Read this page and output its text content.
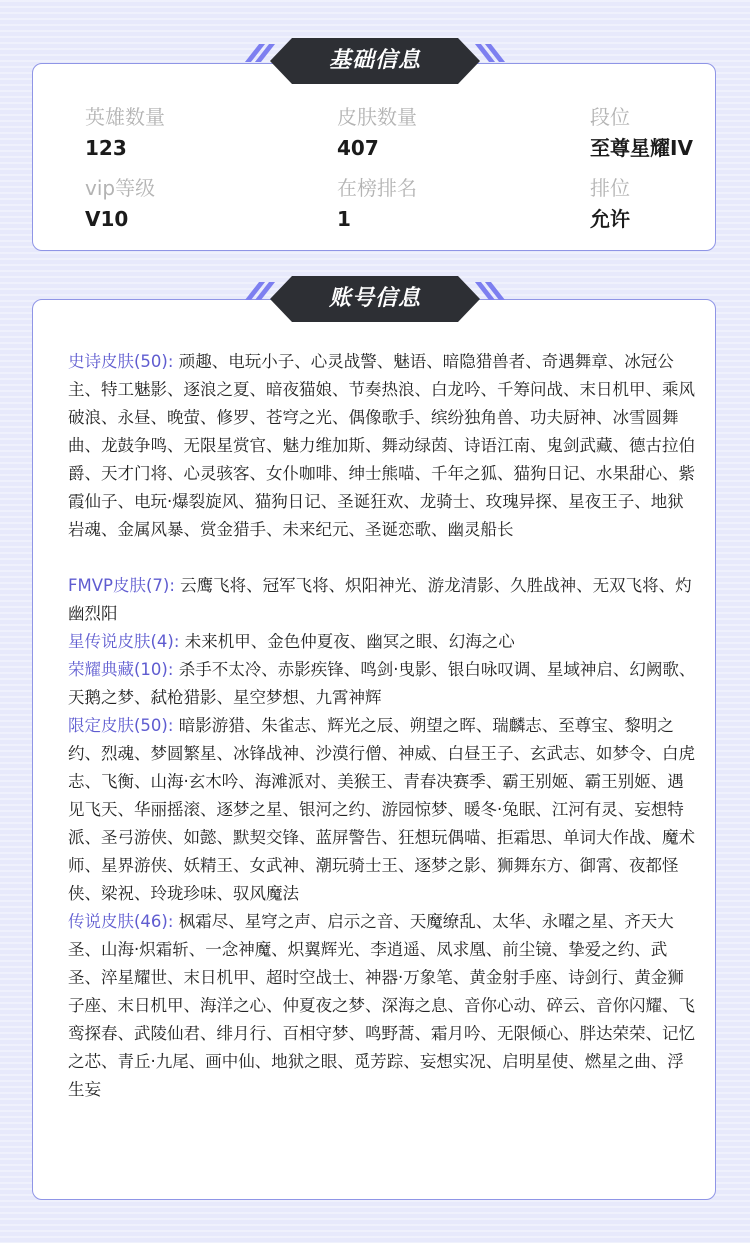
英雄数量
123
皮肤数量
407
段位
至尊星耀IV
vip等级
V10
在榜排名
1
排位
允许
基础信息

史诗皮肤(50): 顽趣、电玩小子、心灵战警、魅语、暗隐猎兽者、奇遇舞章、冰冠公主、特工魅影、逐浪之夏、暗夜猫娘、节奏热浪、白龙吟、千筹问战、末日机甲、乘风破浪、永昼、晚萤、修罗、苍穹之光、偶像歌手、缤纷独角兽、功夫厨神、冰雪圆舞曲、龙鼓争鸣、无限星赏官、魅力维加斯、舞动绿茵、诗语江南、鬼剑武藏、德古拉伯爵、天才门将、心灵骇客、女仆咖啡、绅士熊喵、千年之狐、猫狗日记、水果甜心、紫霞仙子、电玩·爆裂旋风、猫狗日记、圣诞狂欢、龙骑士、玫瑰异探、星夜王子、地狱岩魂、金属风暴、赏金猎手、未来纪元、圣诞恋歌、幽灵船长

FMVP皮肤(7): 云鹰飞将、冠军飞将、炽阳神光、游龙清影、久胜战神、无双飞将、灼幽烈阳

星传说皮肤(4): 未来机甲、金色仲夏夜、幽冥之眼、幻海之心

荣耀典藏(10): 杀手不太冷、赤影疾锋、鸣剑·曳影、银白咏叹调、星域神启、幻阙歌、天鹅之梦、弑枪猎影、星空梦想、九霄神辉

限定皮肤(50): 暗影游猎、朱雀志、辉光之辰、朔望之晖、瑞麟志、至尊宝、黎明之约、烈魂、梦圆繁星、冰锋战神、沙漠行僧、神威、白昼王子、玄武志、如梦令、白虎志、飞衡、山海·玄木吟、海滩派对、美猴王、青春决赛季、霸王别姬、霸王别姬、遇见飞天、华丽摇滚、逐梦之星、银河之约、游园惊梦、暖冬·兔眠、江河有灵、妄想特派、圣弓游侠、如懿、默契交锋、蓝屏警告、狂想玩偶喵、拒霜思、单词大作战、魔术师、星界游侠、妖精王、女武神、潮玩骑士王、逐梦之影、狮舞东方、御霄、夜都怪侠、梁祝、玲珑珍味、驭风魔法

传说皮肤(46): 枫霜尽、星穹之声、启示之音、天魔缭乱、太华、永曜之星、齐天大圣、山海·炽霜斩、一念神魔、炽翼辉光、李逍遥、凤求凰、前尘镜、挚爱之约、武圣、淬星耀世、末日机甲、超时空战士、神器·万象笔、黄金射手座、诗剑行、黄金狮子座、末日机甲、海洋之心、仲夏夜之梦、深海之息、音你心动、碎云、音你闪耀、飞鸾探春、武陵仙君、绯月行、百相守梦、鸣野蒿、霜月吟、无限倾心、胖达荣荣、记忆之芯、青丘·九尾、画中仙、地狱之眼、觅芳踪、妄想实况、启明星使、燃星之曲、浮生妄

账号信息
